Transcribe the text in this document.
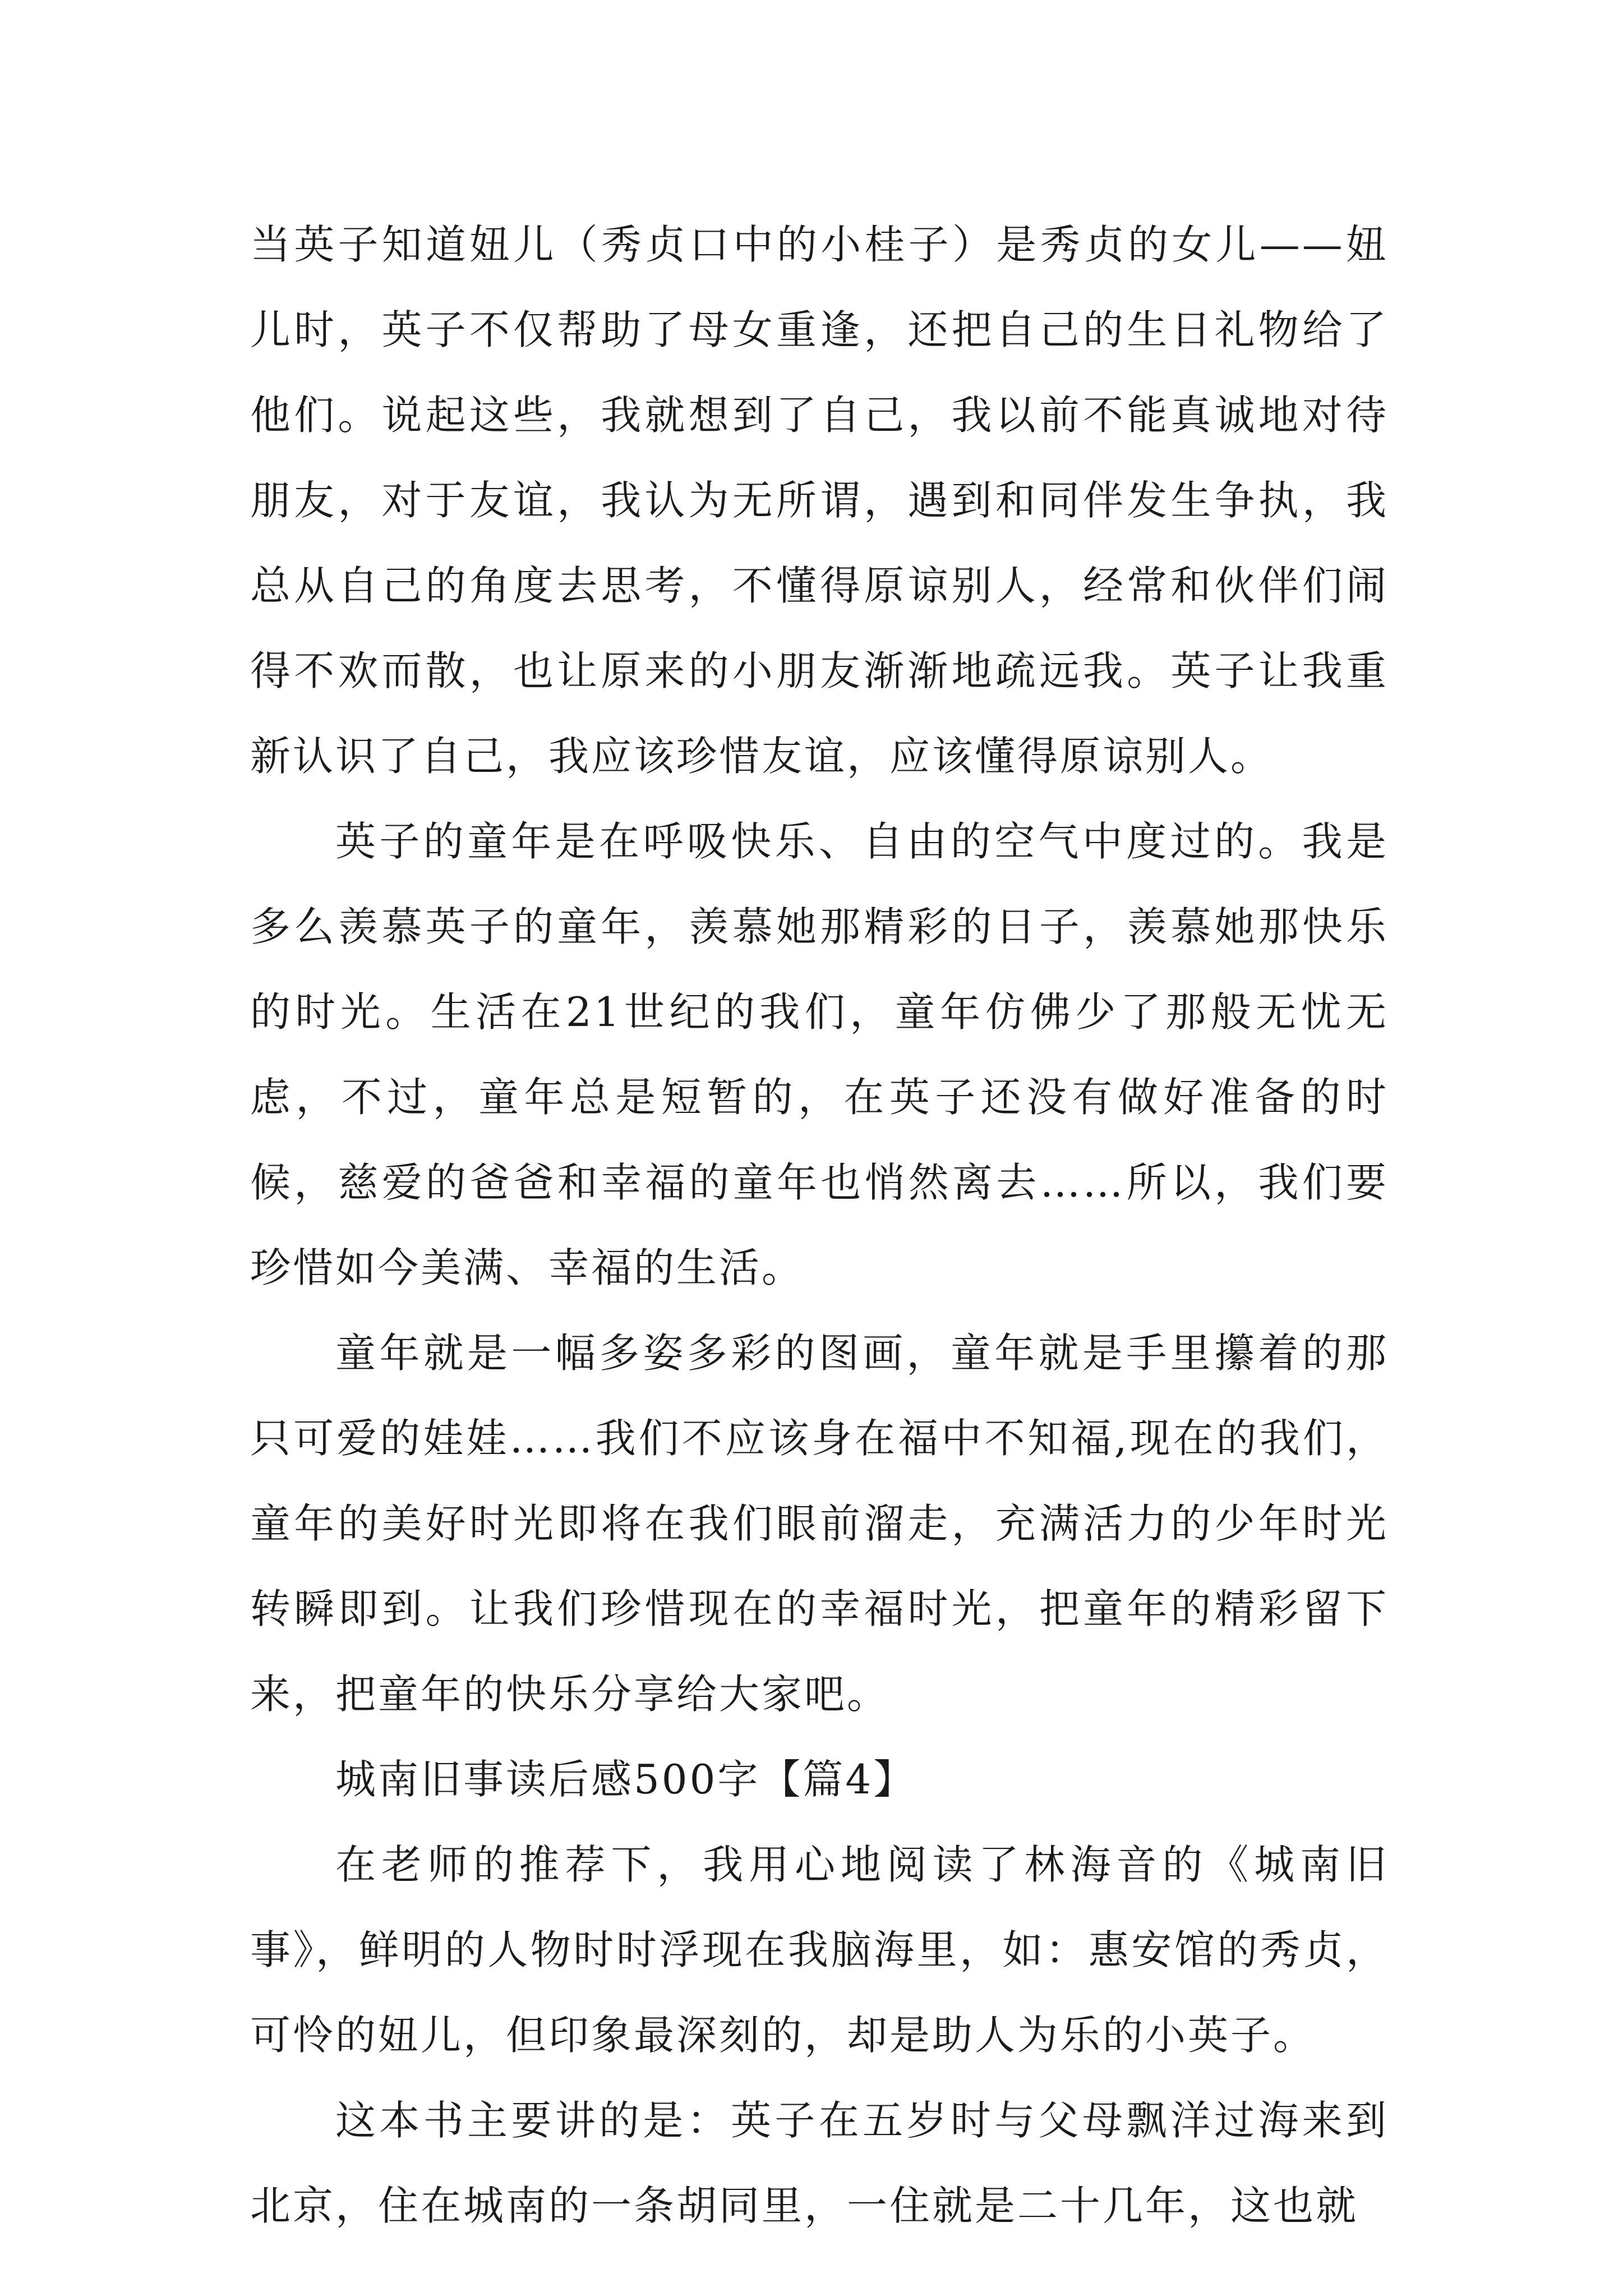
当英子知道妞儿（秀贞口中的小桂子）是秀贞的女儿——妞儿时，英子不仅帮助了母女重逢，还把自己的生日礼物给了他们。说起这些，我就想到了自己，我以前不能真诚地对待朋友，对于友谊，我认为无所谓，遇到和同伴发生争执，我总从自己的角度去思考，不懂得原谅别人，经常和伙伴们闹得不欢而散，也让原来的小朋友渐渐地疏远我。英子让我重新认识了自己，我应该珍惜友谊，应该懂得原谅别人。

英子的童年是在呼吸快乐、自由的空气中度过的。我是多么羡慕英子的童年，羡慕她那精彩的日子，羡慕她那快乐的时光。生活在21世纪的我们，童年仿佛少了那般无忧无虑，不过，童年总是短暂的，在英子还没有做好准备的时候，慈爱的爸爸和幸福的童年也悄然离去……所以，我们要珍惜如今美满、幸福的生活。

童年就是一幅多姿多彩的图画，童年就是手里攥着的那只可爱的娃娃……我们不应该身在福中不知福,现在的我们，童年的美好时光即将在我们眼前溜走，充满活力的少年时光转瞬即到。让我们珍惜现在的幸福时光，把童年的精彩留下来，把童年的快乐分享给大家吧。

城南旧事读后感500字【篇4】

在老师的推荐下，我用心地阅读了林海音的《城南旧事》，鲜明的人物时时浮现在我脑海里，如：惠安馆的秀贞，可怜的妞儿，但印象最深刻的，却是助人为乐的小英子。

这本书主要讲的是：英子在五岁时与父母飘洋过海来到北京，住在城南的一条胡同里，一住就是二十几年，这也就
